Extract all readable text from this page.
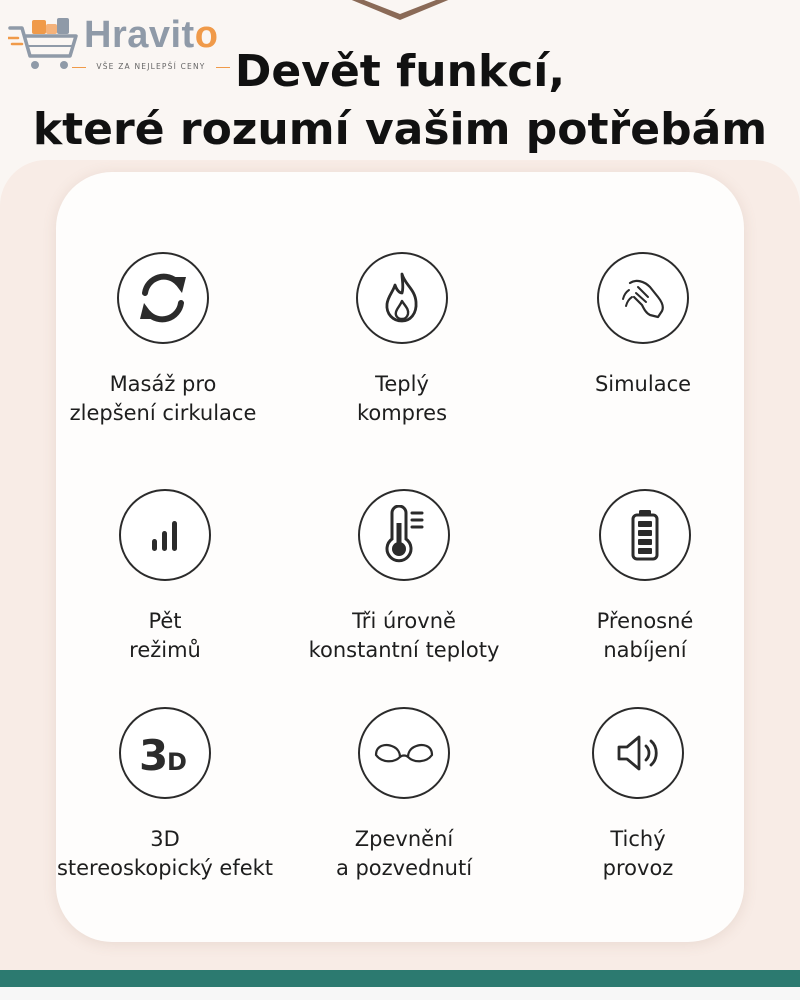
Hravito
VŠE ZA NEJLEPŠÍ CENY Devět funkcí,
které rozumí vašim potřebám
Masáž pro
zlepšení cirkulace
Teplý
kompres
Simulace
Pět
režimů
Tři úrovně
konstantní teploty
Přenosné
nabíjení
3
D
3D
stereoskopický efekt
Zpevnění
a pozvednutí
Tichý
provoz
